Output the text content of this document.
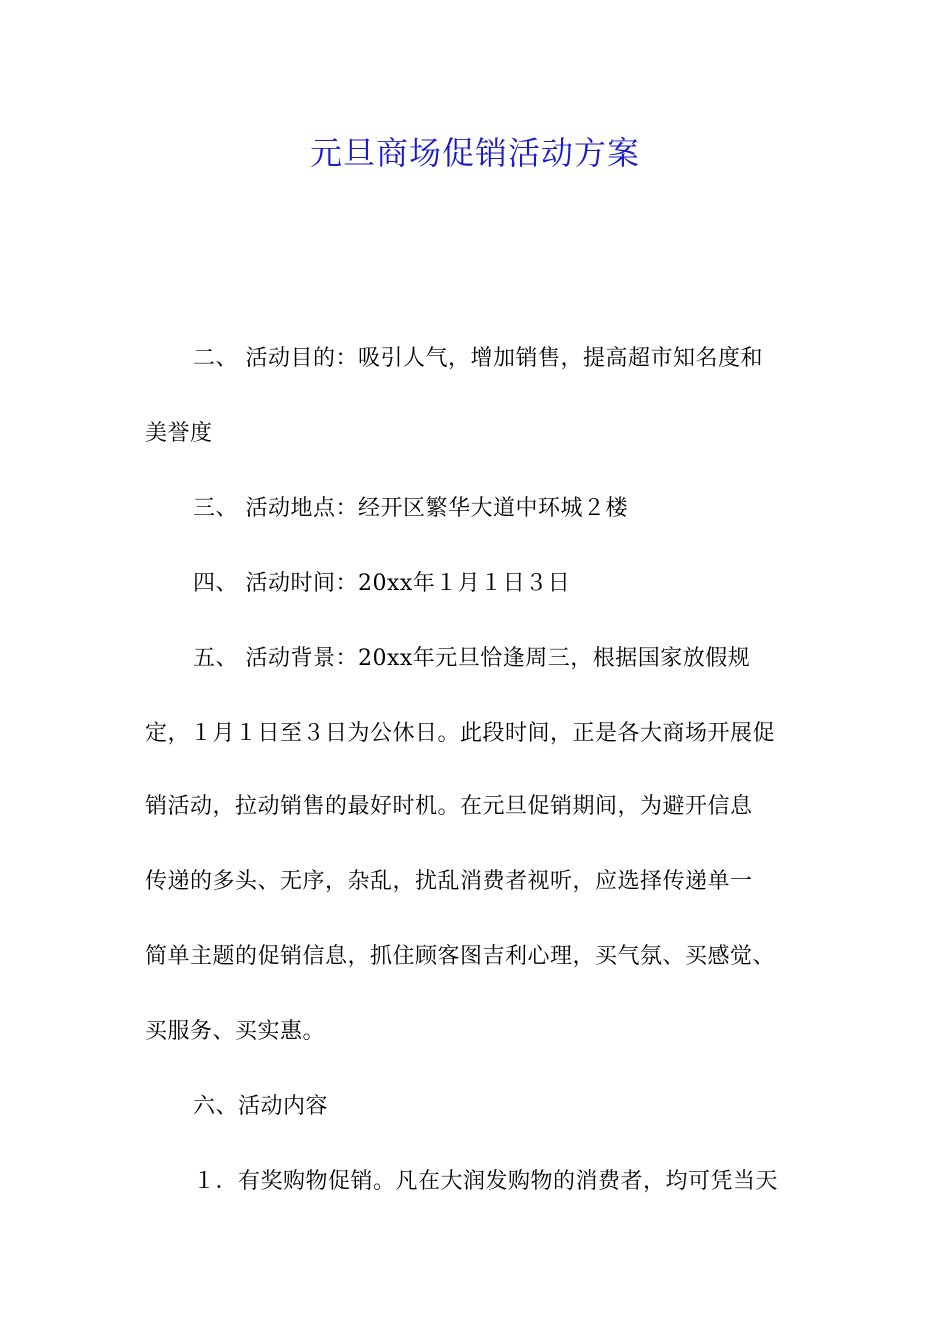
元旦商场促销活动方案
二、 活动目的：吸引人气，增加销售，提高超市知名度和
美誉度
三、 活动地点：经开区繁华大道中环城２楼
四、 活动时间：20xx年１月１日３日
五、 活动背景：20xx年元旦恰逢周三，根据国家放假规
定，１月１日至３日为公休日。此段时间，正是各大商场开展促
销活动，拉动销售的最好时机。在元旦促销期间，为避开信息
传递的多头、无序，杂乱，扰乱消费者视听，应选择传递单一
简单主题的促销信息，抓住顾客图吉利心理，买气氛、买感觉、
买服务、买实惠。
六、活动内容
１．有奖购物促销。凡在大润发购物的消费者，均可凭当天
